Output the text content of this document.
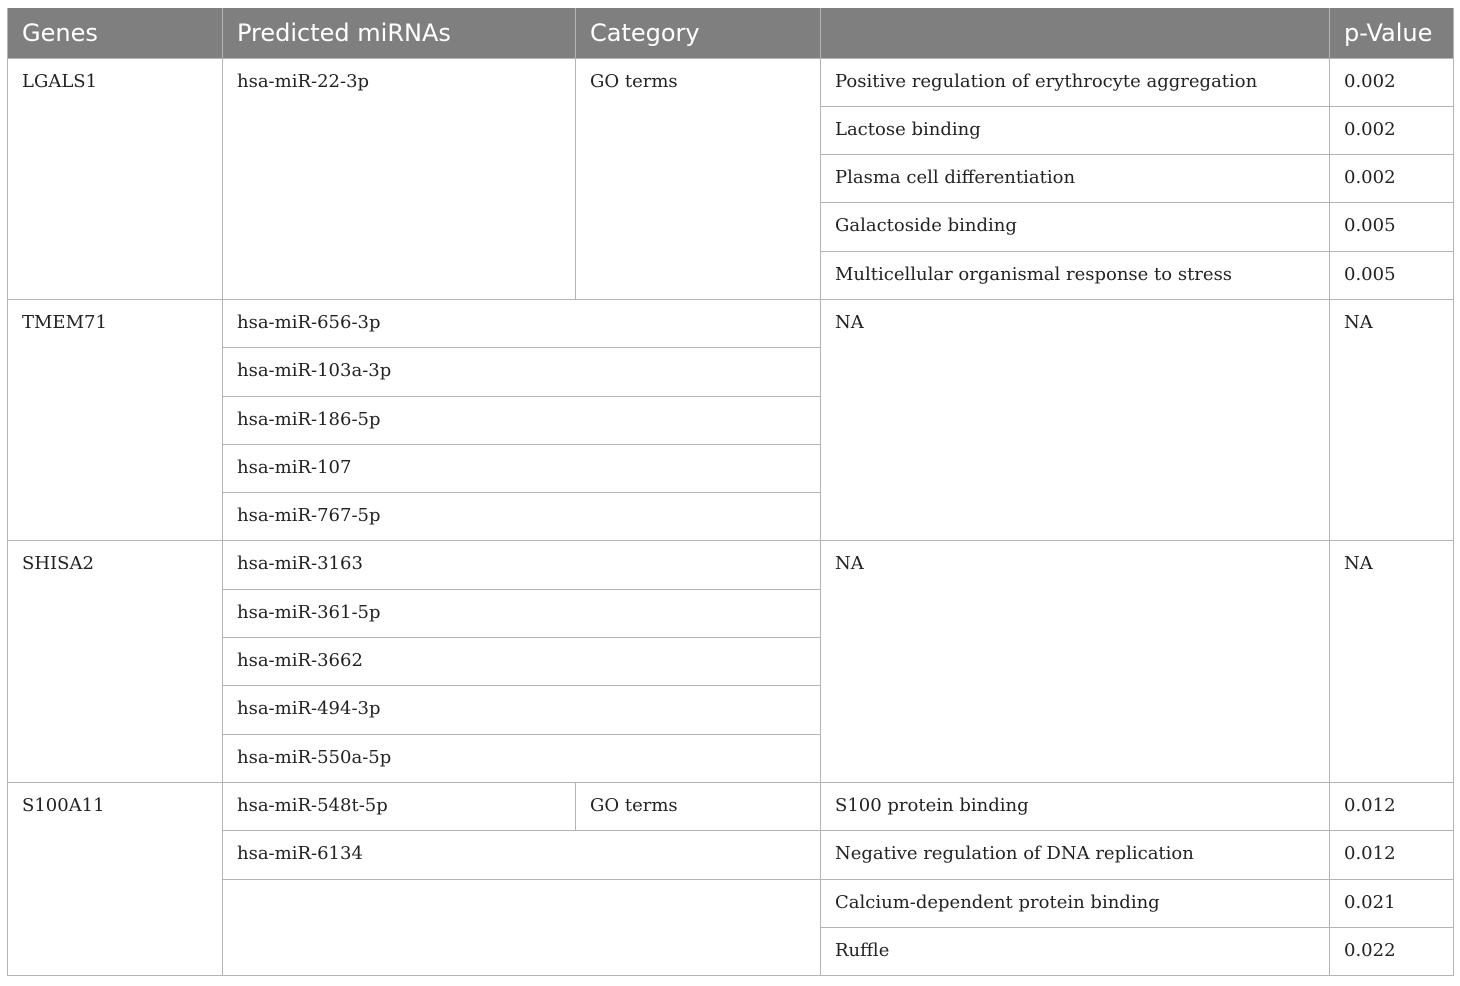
Genes	Predicted miRNAs	Category		p-Value

LGALS1	hsa-miR-22-3p	GO terms	Positive regulation of erythrocyte aggregation	0.002

			Lactose binding	0.002

			Plasma cell differentiation	0.002

			Galactoside binding	0.005

			Multicellular organismal response to stress	0.005

TMEM71	hsa-miR-656-3p		NA	NA

	hsa-miR-103a-3p			

	hsa-miR-186-5p			

	hsa-miR-107			

	hsa-miR-767-5p			

SHISA2	hsa-miR-3163		NA	NA

	hsa-miR-361-5p			

	hsa-miR-3662			

	hsa-miR-494-3p			

	hsa-miR-550a-5p			

S100A11	hsa-miR-548t-5p	GO terms	S100 protein binding	0.012

	hsa-miR-6134		Negative regulation of DNA replication	0.012

			Calcium-dependent protein binding	0.021

			Ruffle	0.022
